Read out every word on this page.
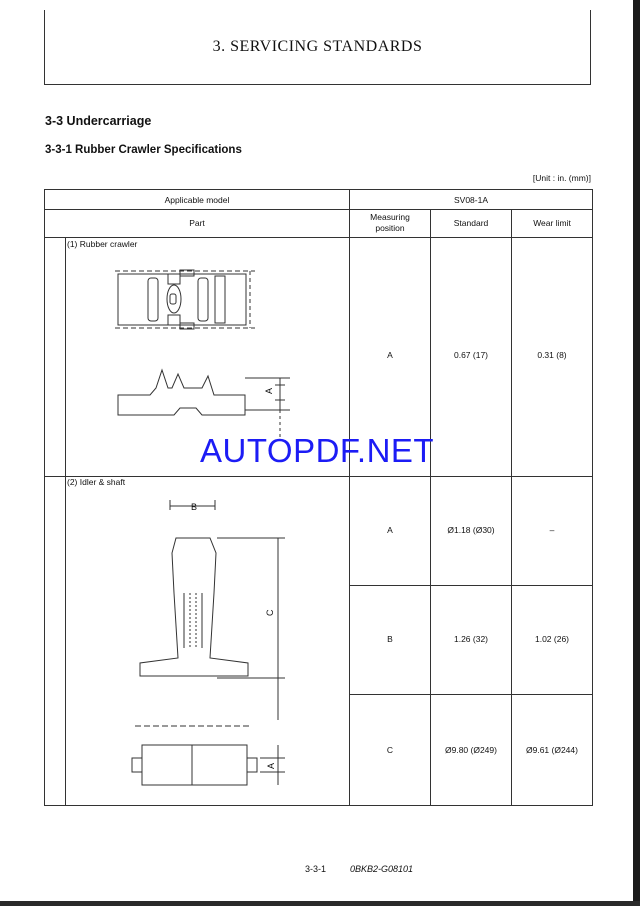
3. SERVICING STANDARDS
3-3 Undercarriage
3-3-1 Rubber Crawler Specifications
[Unit : in. (mm)]
Applicable model	SV08-1A
Part
Measuring position	Standard	Wear limit
(1) Rubber crawler
A	0.67 (17)	0.31 (8)
(2) Idler & shaft
A	Ø1.18 (Ø30)	–
B	1.26 (32)	1.02 (26)
C	Ø9.80 (Ø249)	Ø9.61 (Ø244)
A
B
C
A
AUTOPDF.NET
3-3-1	0BKB2-G08101
